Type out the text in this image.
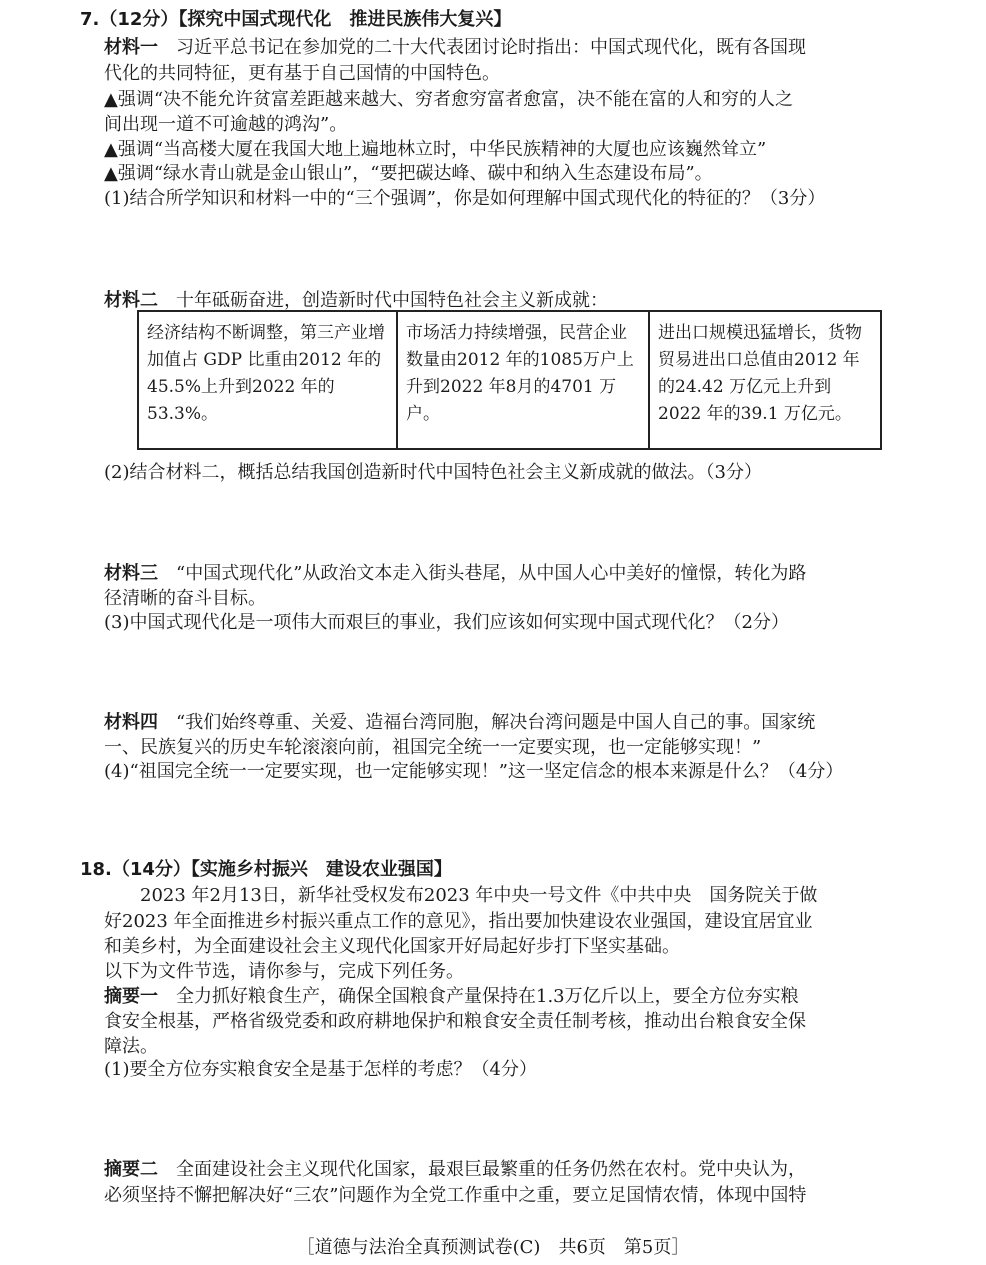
7.（12分）【探究中国式现代化　推进民族伟大复兴】
材料一　习近平总书记在参加党的二十大代表团讨论时指出：中国式现代化，既有各国现
代化的共同特征，更有基于自己国情的中国特色。
▲强调“决不能允许贫富差距越来越大、穷者愈穷富者愈富，决不能在富的人和穷的人之
间出现一道不可逾越的鸿沟”。
▲强调“当高楼大厦在我国大地上遍地林立时，中华民族精神的大厦也应该巍然耸立”
▲强调“绿水青山就是金山银山”，“要把碳达峰、碳中和纳入生态建设布局”。
(1)结合所学知识和材料一中的“三个强调”，你是如何理解中国式现代化的特征的？（3分）
材料二　十年砥砺奋进，创造新时代中国特色社会主义新成就：
经济结构不断调整，第三产业增加值占 GDP 比重由2012 年的45.5%上升到2022 年的53.3%。
市场活力持续增强，民营企业数量由2012 年的1085万户上升到2022 年8月的4701 万户。
进出口规模迅猛增长，货物贸易进出口总值由2012 年的24.42 万亿元上升到2022 年的39.1 万亿元。
(2)结合材料二，概括总结我国创造新时代中国特色社会主义新成就的做法。（3分）
材料三　“中国式现代化”从政治文本走入街头巷尾，从中国人心中美好的憧憬，转化为路
径清晰的奋斗目标。
(3)中国式现代化是一项伟大而艰巨的事业，我们应该如何实现中国式现代化？（2分）
材料四　“我们始终尊重、关爱、造福台湾同胞，解决台湾问题是中国人自己的事。国家统
一、民族复兴的历史车轮滚滚向前，祖国完全统一一定要实现，也一定能够实现！”
(4)“祖国完全统一一定要实现，也一定能够实现！”这一坚定信念的根本来源是什么？（4分）
18.（14分）【实施乡村振兴　建设农业强国】
　　2023 年2月13日，新华社受权发布2023 年中央一号文件《中共中央　国务院关于做
好2023 年全面推进乡村振兴重点工作的意见》，指出要加快建设农业强国，建设宜居宜业
和美乡村，为全面建设社会主义现代化国家开好局起好步打下坚实基础。
以下为文件节选，请你参与，完成下列任务。
摘要一　全力抓好粮食生产，确保全国粮食产量保持在1.3万亿斤以上，要全方位夯实粮
食安全根基，严格省级党委和政府耕地保护和粮食安全责任制考核，推动出台粮食安全保
障法。
(1)要全方位夯实粮食安全是基于怎样的考虑？（4分）
摘要二　全面建设社会主义现代化国家，最艰巨最繁重的任务仍然在农村。党中央认为，
必须坚持不懈把解决好“三农”问题作为全党工作重中之重，要立足国情农情，体现中国特
［道德与法治全真预测试卷(C)　共6页　第5页］
